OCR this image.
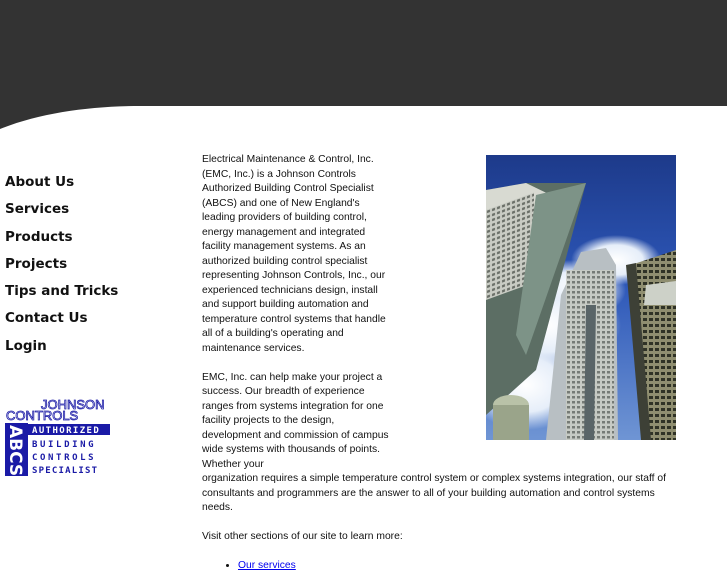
About Us
Services
Products
Projects
Tips and Tricks
Contact Us
Login
JOHNSON
CONTROLS
ABCS AUTHORIZED
BUILDING
CONTROLS
SPECIALIST

Electrical Maintenance & Control, Inc. (EMC, Inc.) is a Johnson Controls Authorized Building Control Specialist (ABCS) and one of New England's leading providers of building control, energy management and integrated facility management systems. As an authorized building control specialist representing Johnson Controls, Inc., our experienced technicians design, install and support building automation and temperature control systems that handle all of a building's operating and maintenance services.

EMC, Inc. can help make your project a success. Our breadth of experience ranges from systems integration for one facility projects to the design, development and commission of campus wide systems with thousands of points. Whether your
organization requires a simple temperature control system or complex systems integration, our staff of consultants and programmers are the answer to all of your building automation and control systems needs.

Visit other sections of our site to learn more:

• Our services
